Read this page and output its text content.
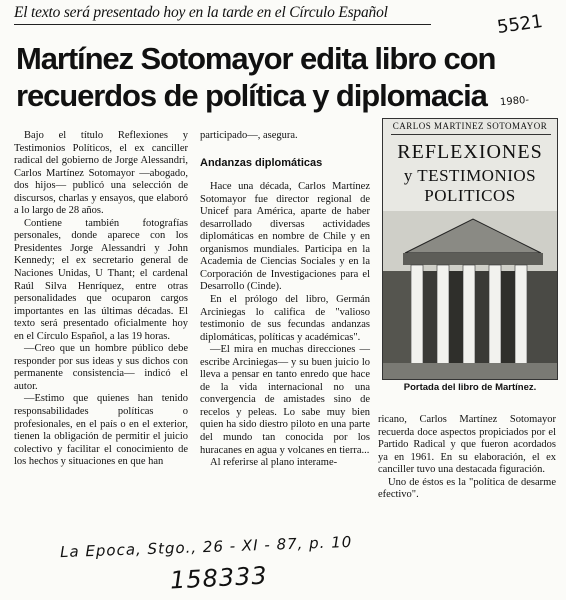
El texto será presentado hoy en la tarde en el Círculo Español	5521
Martínez Sotomayor edita libro con recuerdos de política y diplomacia	1980-

Bajo el título Reflexiones y Testimonios Políticos, el ex canciller radical del gobierno de Jorge Alessandri, Carlos Martínez Sotomayor —abogado, dos hijos— publicó una selección de discursos, charlas y ensayos, que elaboró a lo largo de 28 años.

Contiene también fotografías personales, donde aparece con los Presidentes Jorge Alessandri y John Kennedy; el ex secretario general de Naciones Unidas, U Thant; el cardenal Raúl Silva Henríquez, entre otras personalidades que ocuparon cargos importantes en las últimas décadas. El texto será presentado oficialmente hoy en el Círculo Español, a las 19 horas.

—Creo que un hombre público debe responder por sus ideas y sus dichos con permanente consistencia— indicó el autor.

—Estimo que quienes han tenido responsabilidades políticas o profesionales, en el país o en el exterior, tienen la obligación de permitir el juicio colectivo y facilitar el conocimiento de los hechos y situaciones en que han

participado—, asegura.

Andanzas diplomáticas

Hace una década, Carlos Martínez Sotomayor fue director regional de Unicef para América, aparte de haber desarrollado diversas actividades diplomáticas en nombre de Chile y en organismos mundiales. Participa en la Academia de Ciencias Sociales y en la Corporación de Investigaciones para el Desarrollo (Cinde).

En el prólogo del libro, Germán Arciniegas lo califica de "valioso testimonio de sus fecundas andanzas diplomáticas, políticas y académicas".

—El mira en muchas direcciones —escribe Arciniegas— y su buen juicio lo lleva a pensar en tanto enredo que hace de la vida internacional no una convergencia de amistades sino de recelos y peleas. Lo sabe muy bien quien ha sido diestro piloto en una parte del mundo tan conocida por los huracanes en agua y volcanes en tierra...

Al referirse al plano interame-

CARLOS MARTINEZ SOTOMAYOR
REFLEXIONES
y TESTIMONIOS
POLITICOS
Portada del libro de Martínez.

ricano, Carlos Martínez Sotomayor recuerda doce aspectos propiciados por el Partido Radical y que fueron acordados ya en 1961. En su elaboración, el ex canciller tuvo una destacada figuración.

Uno de éstos es la "política de desarme efectivo".

La Epoca, Stgo., 26 - XI - 87, p. 10
158333
